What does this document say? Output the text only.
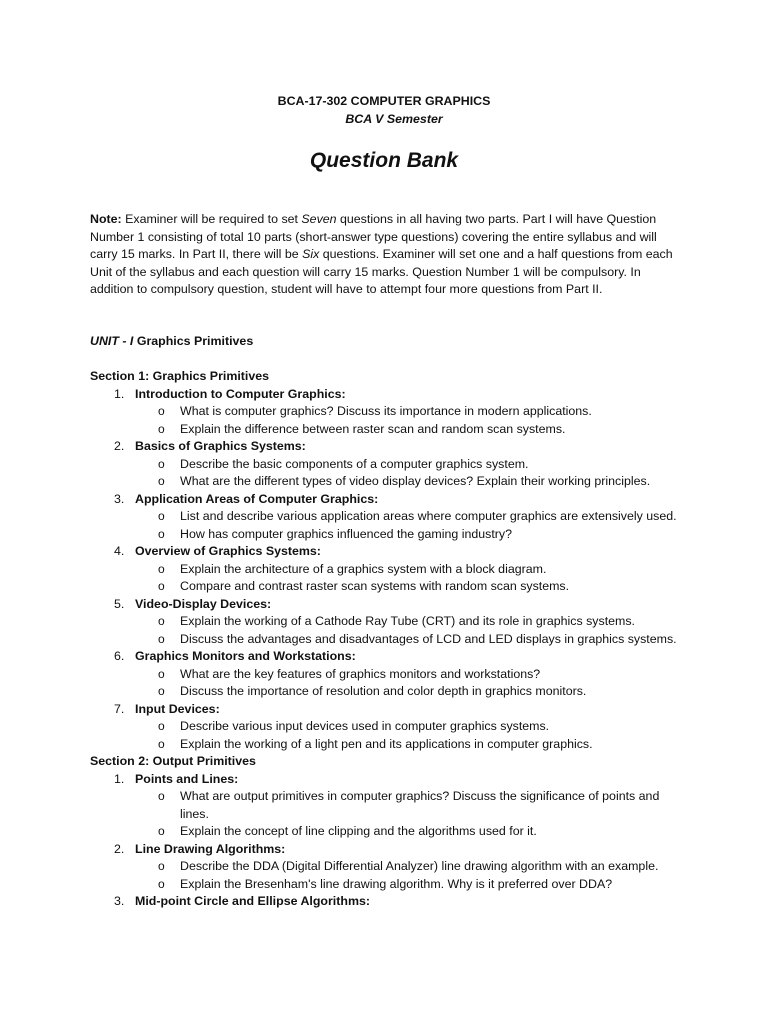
BCA-17-302 COMPUTER GRAPHICS
BCA V Semester
Question Bank
Note: Examiner will be required to set Seven questions in all having two parts. Part I will have Question Number 1 consisting of total 10 parts (short-answer type questions) covering the entire syllabus and will carry 15 marks. In Part II, there will be Six questions. Examiner will set one and a half questions from each Unit of the syllabus and each question will carry 15 marks. Question Number 1 will be compulsory. In addition to compulsory question, student will have to attempt four more questions from Part II.
UNIT - I Graphics Primitives
Section 1: Graphics Primitives
1. Introduction to Computer Graphics:
o What is computer graphics? Discuss its importance in modern applications.
o Explain the difference between raster scan and random scan systems.
2. Basics of Graphics Systems:
o Describe the basic components of a computer graphics system.
o What are the different types of video display devices? Explain their working principles.
3. Application Areas of Computer Graphics:
o List and describe various application areas where computer graphics are extensively used.
o How has computer graphics influenced the gaming industry?
4. Overview of Graphics Systems:
o Explain the architecture of a graphics system with a block diagram.
o Compare and contrast raster scan systems with random scan systems.
5. Video-Display Devices:
o Explain the working of a Cathode Ray Tube (CRT) and its role in graphics systems.
o Discuss the advantages and disadvantages of LCD and LED displays in graphics systems.
6. Graphics Monitors and Workstations:
o What are the key features of graphics monitors and workstations?
o Discuss the importance of resolution and color depth in graphics monitors.
7. Input Devices:
o Describe various input devices used in computer graphics systems.
o Explain the working of a light pen and its applications in computer graphics.
Section 2: Output Primitives
1. Points and Lines:
o What are output primitives in computer graphics? Discuss the significance of points and lines.
o Explain the concept of line clipping and the algorithms used for it.
2. Line Drawing Algorithms:
o Describe the DDA (Digital Differential Analyzer) line drawing algorithm with an example.
o Explain the Bresenham's line drawing algorithm. Why is it preferred over DDA?
3. Mid-point Circle and Ellipse Algorithms:
